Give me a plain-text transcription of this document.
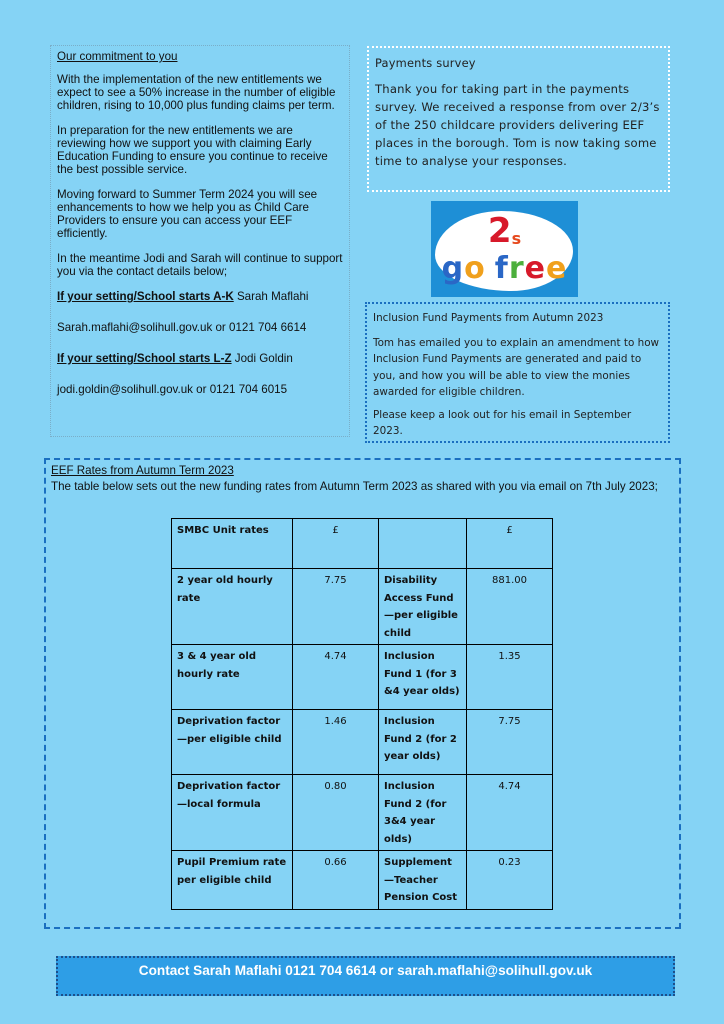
Our commitment to you

With the implementation of the new entitlements we expect to see a 50% increase in the number of eligible children, rising to 10,000 plus funding claims per term.

In preparation for the new entitlements we are reviewing how we support you with claiming Early Education Funding to ensure you continue to receive the best possible service.

Moving forward to Summer Term 2024 you will see enhancements to how we help you as Child Care Providers to ensure you can access your EEF efficiently.

In the meantime Jodi and Sarah will continue to support you via the contact details below;

If your setting/School starts A-K Sarah Maflahi

Sarah.maflahi@solihull.gov.uk or 0121 704 6614

If your setting/School starts L-Z Jodi Goldin

jodi.goldin@solihull.gov.uk or 0121 704 6015

Payments survey
Thank you for taking part in the payments survey. We received a response from over 2/3’s of the 250 childcare providers delivering EEF places in the borough. Tom is now taking some time to analyse your responses.
$2_s$
go free

Inclusion Fund Payments from Autumn 2023

Tom has emailed you to explain an amendment to how Inclusion Fund Payments are generated and paid to you, and how you will be able to view the monies awarded for eligible children.

Please keep a look out for his email in September 2023.

EEF Rates from Autumn Term 2023
The table below sets out the new funding rates from Autumn Term 2023 as shared with you via email on 7th July 2023;
SMBC Unit rates	£		£
2 year old hourly rate	7.75	Disability Access Fund—per eligible child	881.00
3 & 4 year old hourly rate	4.74	Inclusion Fund 1 (for 3 &4 year olds)	1.35
Deprivation factor—per eligible child	1.46	Inclusion Fund 2 (for 2 year olds)	7.75
Deprivation factor—local formula	0.80	Inclusion Fund 2 (for 3&4 year olds)	4.74
Pupil Premium rate per eligible child	0.66	Supplement—Teacher Pension Cost	0.23
Contact Sarah Maflahi 0121 704 6614 or sarah.maflahi@solihull.gov.uk
